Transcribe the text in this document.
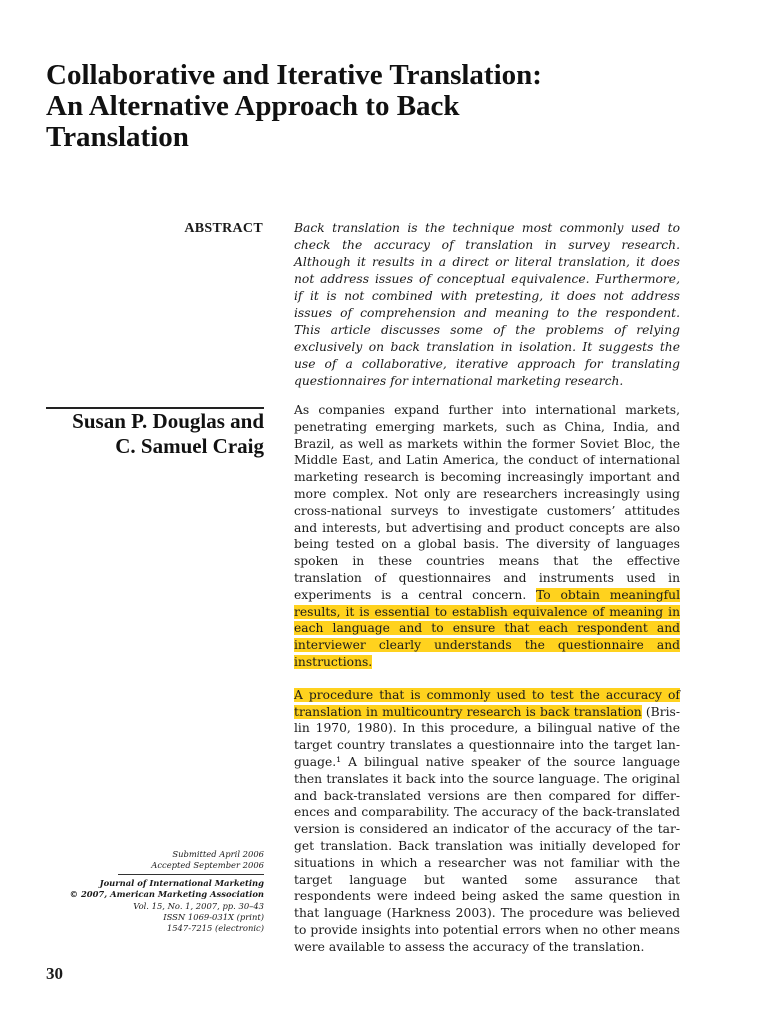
Collaborative and Iterative Translation:
An Alternative Approach to Back
Translation
ABSTRACT	Back translation is the technique most commonly used to check the accuracy of translation in survey research. Although it results in a direct or literal translation, it does not address issues of conceptual equivalence. Furthermore, if it is not combined with pretesting, it does not address issues of comprehension and meaning to the respondent. This article discusses some of the problems of relying exclusively on back translation in isolation. It suggests the use of a collaborative, iterative approach for translating questionnaires for international marketing research.

Susan P. Douglas and
C. Samuel Craig

As companies expand further into international markets, penetrating emerging markets, such as China, India, and Brazil, as well as markets within the former Soviet Bloc, the Middle East, and Latin America, the conduct of international marketing research is becoming increasingly important and more complex. Not only are researchers increasingly using cross-national surveys to investigate customers’ attitudes and interests, but advertising and product concepts are also being tested on a global basis. The diversity of languages spoken in these countries means that the effective translation of questionnaires and instruments used in experiments is a central concern. To obtain meaningful results, it is essential to establish equivalence of meaning in each language and to ensure that each respondent and interviewer clearly understands the questionnaire and instructions.

A procedure that is commonly used to test the accuracy of translation in multicountry research is back translation (Brislin 1970, 1980). In this procedure, a bilingual native of the target country translates a questionnaire into the target language.¹ A bilingual native speaker of the source language then translates it back into the source language. The original and back-translated versions are then compared for differences and comparability. The accuracy of the back-translated version is considered an indicator of the accuracy of the target translation. Back translation was initially developed for situations in which a researcher was not familiar with the target language but wanted some assurance that respondents were indeed being asked the same question in that language (Harkness 2003). The procedure was believed to provide insights into potential errors when no other means were available to assess the accuracy of the translation.

Submitted April 2006
Accepted September 2006
Journal of International Marketing
© 2007, American Marketing Association
Vol. 15, No. 1, 2007, pp. 30–43
ISSN 1069-031X (print)
1547-7215 (electronic)
30
